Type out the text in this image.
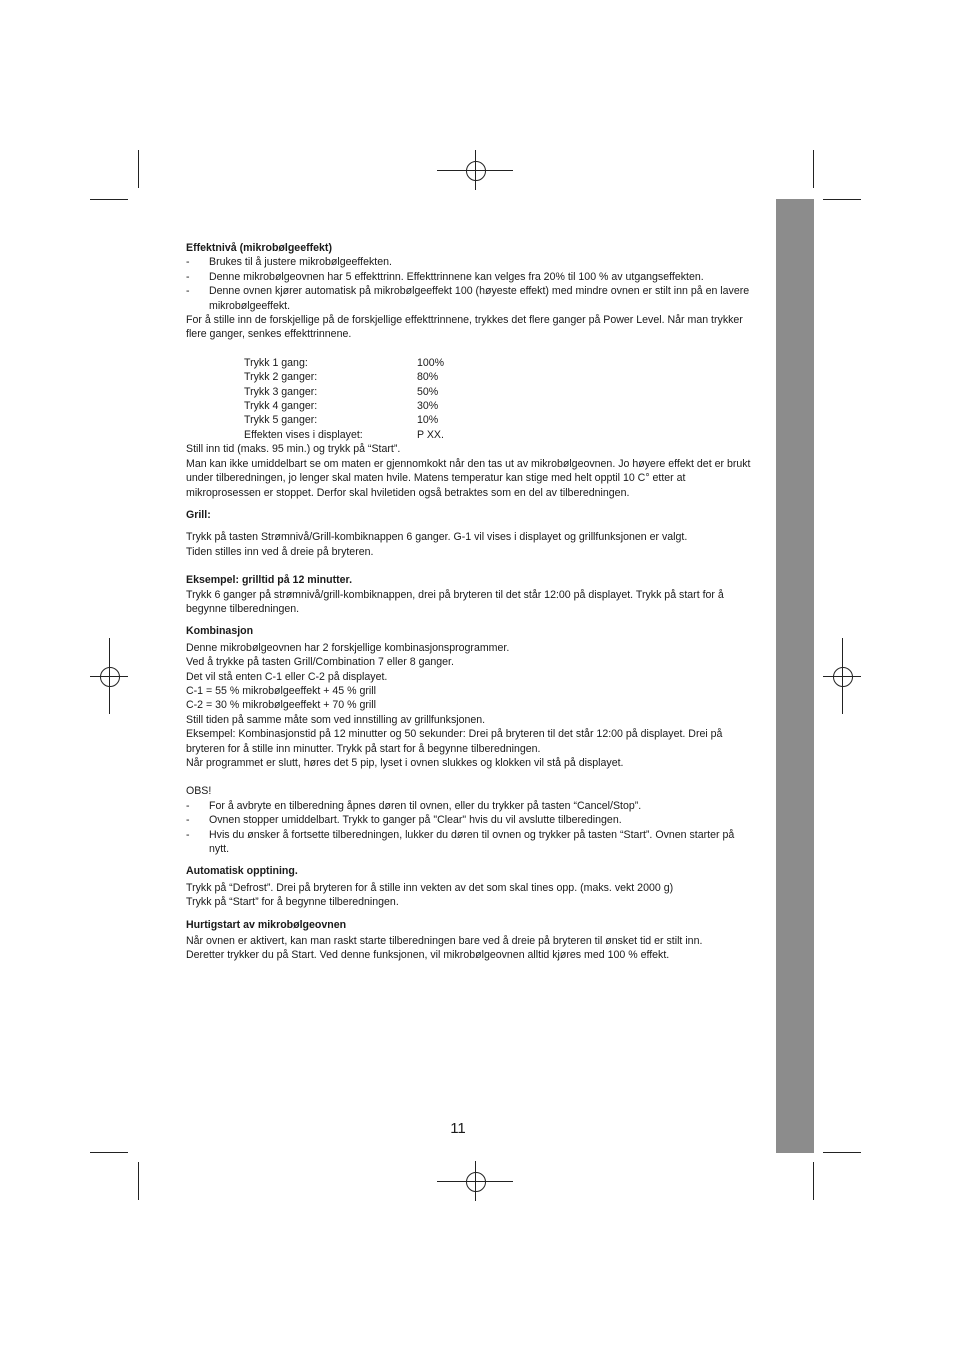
Effektnivå (mikrobølgeeffekt)

-	Brukes til å justere mikrobølgeeffekten.
-	Denne mikrobølgeovnen har 5 effekttrinn. Effekttrinnene kan velges fra 20% til 100 % av utgangseffekten.
-	Denne ovnen kjører automatisk på mikrobølgeeffekt 100 (høyeste effekt) med mindre ovnen er stilt inn på en lavere mikrobølgeeffekt.

For å stille inn de forskjellige på de forskjellige effekttrinnene, trykkes det flere ganger på Power Level. Når man trykker flere ganger, senkes effekttrinnene.

Trykk 1 gang:	100%
Trykk 2 ganger:	80%
Trykk 3 ganger:	50%
Trykk 4 ganger:	30%
Trykk 5 ganger:	10%
Effekten vises i displayet:	P XX.

Still inn tid (maks. 95 min.) og trykk på “Start”.

Man kan ikke umiddelbart se om maten er gjennomkokt når den tas ut av mikrobølgeovnen. Jo høyere effekt det er brukt under tilberedningen, jo lenger skal maten hvile. Matens temperatur kan stige med helt opptil 10 C° etter at mikroprosessen er stoppet. Derfor skal hviletiden også betraktes som en del av tilberedningen.

Grill:

Trykk på tasten Strømnivå/Grill-kombiknappen 6 ganger. G-1 vil vises i displayet og grillfunksjonen er valgt.

Tiden stilles inn ved å dreie på bryteren.

Eksempel: grilltid på 12 minutter.

Trykk 6 ganger på strømnivå/grill-kombiknappen, drei på bryteren til det står 12:00 på displayet. Trykk på start for å begynne tilberedningen.

Kombinasjon

Denne mikrobølgeovnen har 2 forskjellige kombinasjonsprogrammer.

Ved å trykke på tasten Grill/Combination 7 eller 8 ganger.

Det vil stå enten C-1 eller C-2 på displayet.

C-1 = 55 % mikrobølgeeffekt + 45 % grill

C-2 = 30 % mikrobølgeeffekt + 70 % grill

Still tiden på samme måte som ved innstilling av grillfunksjonen.

Eksempel: Kombinasjonstid på 12 minutter og 50 sekunder: Drei på bryteren til det står 12:00 på displayet. Drei på bryteren for å stille inn minutter. Trykk på start for å begynne tilberedningen.

Når programmet er slutt, høres det 5 pip, lyset i ovnen slukkes og klokken vil stå på displayet.

OBS!

-	For å avbryte en tilberedning åpnes døren til ovnen, eller du trykker på tasten “Cancel/Stop”.
-	Ovnen stopper umiddelbart. Trykk to ganger på "Clear" hvis du vil avslutte tilberedingen.
-	Hvis du ønsker å fortsette tilberedningen, lukker du døren til ovnen og trykker på tasten “Start”. Ovnen starter på nytt.

Automatisk opptining.

Trykk på “Defrost”. Drei på bryteren for å stille inn vekten av det som skal tines opp. (maks. vekt 2000 g)

Trykk på “Start” for å begynne tilberedningen.

Hurtigstart av mikrobølgeovnen

Når ovnen er aktivert, kan man raskt starte tilberedningen bare ved å dreie på bryteren til ønsket tid er stilt inn.

Deretter trykker du på Start. Ved denne funksjonen, vil mikrobølgeovnen alltid kjøres med 100 % effekt.

11
